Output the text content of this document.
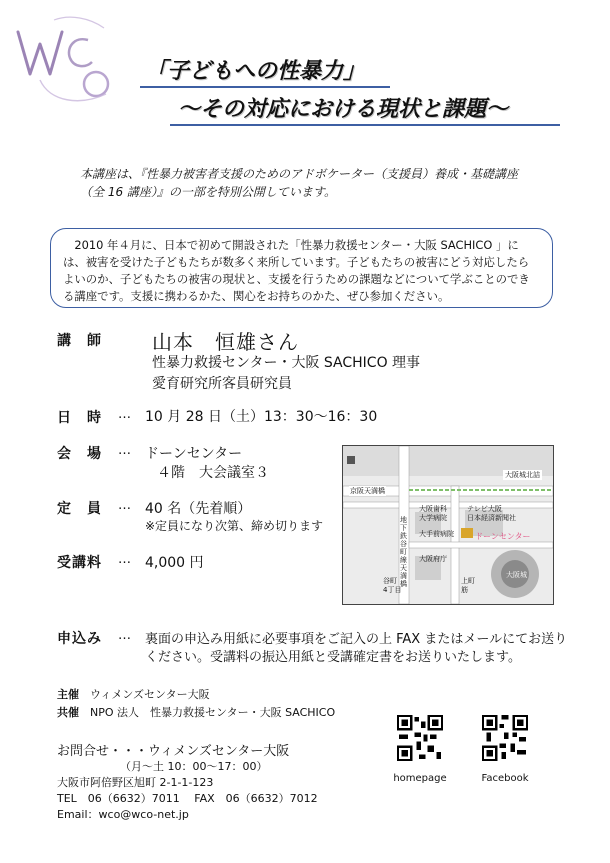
「子どもへの性暴力」
～その対応における現状と課題～
本講座は、『性暴力被害者支援のためのアドボケーター（支援員）養成・基礎講座
（全 16 講座）』の一部を特別公開しています。
2010 年４月に、日本で初めて開設された「性暴力救援センター・大阪 SACHICO 」には、被害を受けた子どもたちが数多く来所しています。子どもたちの被害にどう対応したらよいのか、子どもたちの被害の現状と、支援を行うための課題などについて学ぶことのできる講座です。支援に携わるかた、関心をお持ちのかた、ぜひ参加ください。
講　師	山本　恒雄さん
性暴力救援センター・大阪 SACHICO 理事
愛育研究所客員研究員
日　時 … 10 月 28 日（土）13：30～16：30
会　場 … ドーンセンター
４階　大会議室３
定　員 … 40 名（先着順）
※定員になり次第、締め切ります
受講料 … 4,000 円
大阪城北詰
京阪天満橋
大阪歯科
大学病院
テレビ大阪
日本経済新聞社
大手前病院	ドーンセンター
地下鉄谷町線天満橋
大阪府庁
谷町
4丁目
上町
筋
大阪城
申込み … 裏面の申込み用紙に必要事項をご記入の上 FAX またはメールにてお送り
ください。受講料の振込用紙と受講確定書をお送りいたします。
主催 ウィメンズセンター大阪
共催 NPO 法人　性暴力救援センター・大阪 SACHICO
お問合せ・・・ウィメンズセンター大阪
（月～土 10：00～17：00）
大阪市阿倍野区旭町 2-1-1-123
TEL　06（6632）7011　 FAX　06（6632）7012
Email：wco@wco-net.jp
homepage	Facebook
